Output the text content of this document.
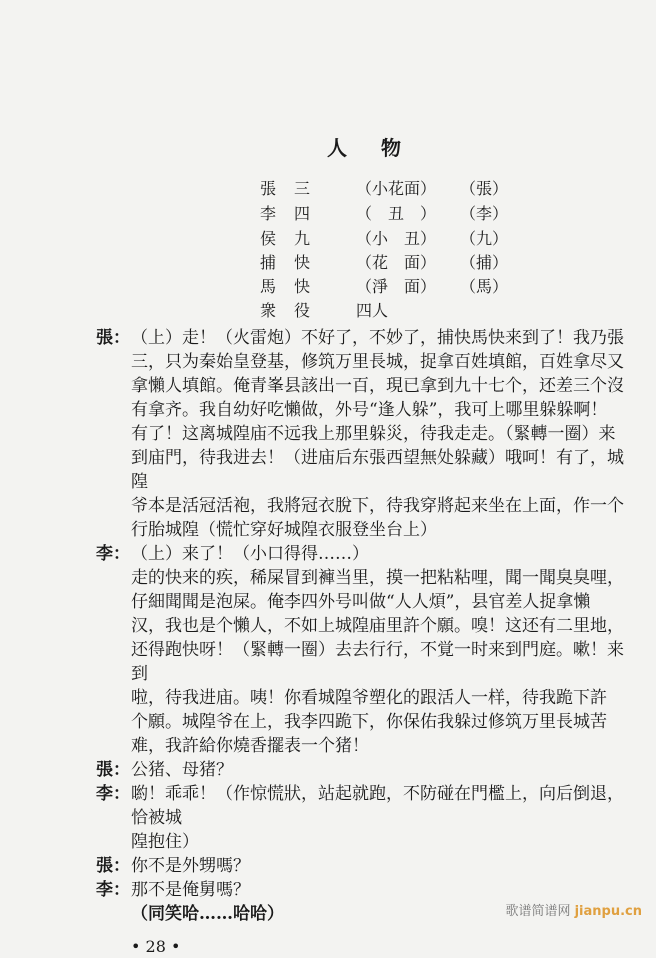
人物
張三 （小花面） （張）
李四 （　丑　） （李）
侯九 （小　丑） （九）
捕快 （花　面） （捕）
馬快 （淨　面） （馬）
衆役 四人
張： （上）走！（火雷炮）不好了，不妙了，捕快馬快来到了！我乃張
三，只为秦始皇登基，修筑万里長城，捉拿百姓填館，百姓拿尽又
拿懶人填館。俺青峯县該出一百，現已拿到九十七个，还差三个沒
有拿齐。我自幼好吃懶做，外号“逢人躲”，我可上哪里躲躲啊！
有了！这离城隍庙不远我上那里躲災，待我走走。（緊轉一圈）来
到庙門，待我进去！（进庙后东張西望無处躲藏）哦呵！有了，城隍
爷本是活冠活袍，我將冠衣脫下，待我穿將起来坐在上面，作一个
行胎城隍（慌忙穿好城隍衣服登坐台上）
李： （上）来了！（小口得得……）
走的快来的疾，稀屎冒到褲当里，摸一把粘粘哩，聞一聞臭臭哩，
仔細聞聞是泡屎。俺李四外号叫做“人人煩”，县官差人捉拿懶
汉，我也是个懶人，不如上城隍庙里許个願。嗅！这还有二里地，
还得跑快呀！（緊轉一圈）去去行行，不覚一时来到門庭。嗽！来到
啦，待我进庙。咦！你看城隍爷塑化的跟活人一样，待我跪下許
个願。城隍爷在上，我李四跪下，你保佑我躲过修筑万里長城苦
难，我許給你燒香擺表一个猪！
張： 公猪、母猪？
李： 喲！乖乖！（作惊慌狀，站起就跑，不防碰在門檻上，向后倒退，恰被城
隍抱住）
張： 你不是外甥嗎？
李： 那不是俺舅嗎？
（同笑哈……哈哈）
• 28 •
歌谱简谱网 jianpu.cn
